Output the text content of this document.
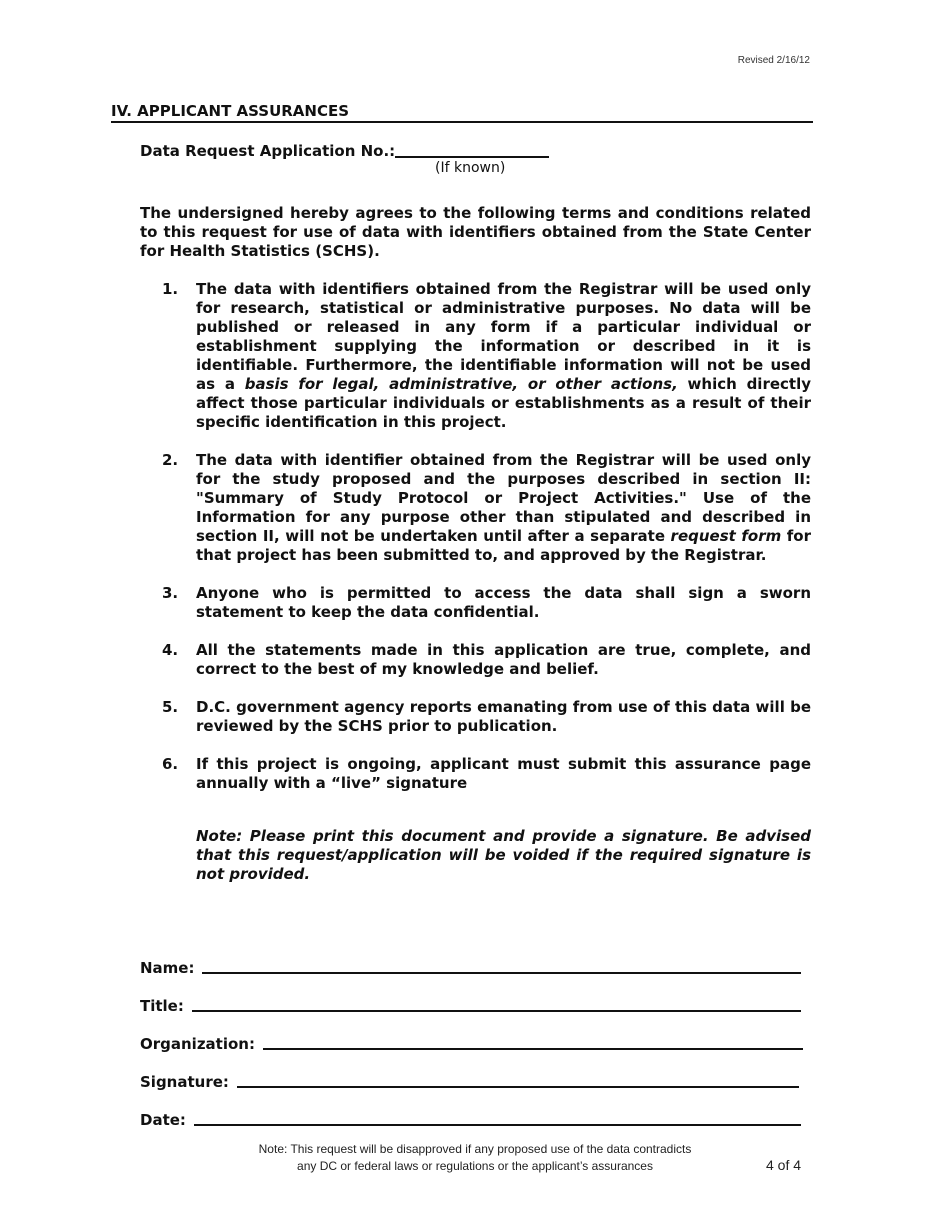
Revised 2/16/12
IV. APPLICANT ASSURANCES
Data Request Application No.:
(If known)
The undersigned hereby agrees to the following terms and conditions related to this request for use of data with identifiers obtained from the State Center for Health Statistics (SCHS).
1.	The data with identifiers obtained from the Registrar will be used only for research, statistical or administrative purposes. No data will be published or released in any form if a particular individual or establishment supplying the information or described in it is identifiable. Furthermore, the identifiable information will not be used as a basis for legal, administrative, or other actions, which directly affect those particular individuals or establishments as a result of their specific identification in this project.
2.	The data with identifier obtained from the Registrar will be used only for the study proposed and the purposes described in section II: "Summary of Study Protocol or Project Activities." Use of the Information for any purpose other than stipulated and described in section II, will not be undertaken until after a separate request form for that project has been submitted to, and approved by the Registrar.
3.	Anyone who is permitted to access the data shall sign a sworn statement to keep the data confidential.
4.	All the statements made in this application are true, complete, and correct to the best of my knowledge and belief.
5.	D.C. government agency reports emanating from use of this data will be reviewed by the SCHS prior to publication.
6.	If this project is ongoing, applicant must submit this assurance page annually with a “live” signature
Note: Please print this document and provide a signature. Be advised that this request/application will be voided if the required signature is not provided.
Name:
Title:
Organization:
Signature:
Date:
Note: This request will be disapproved if any proposed use of the data contradicts
any DC or federal laws or regulations or the applicant’s assurances	4 of 4
